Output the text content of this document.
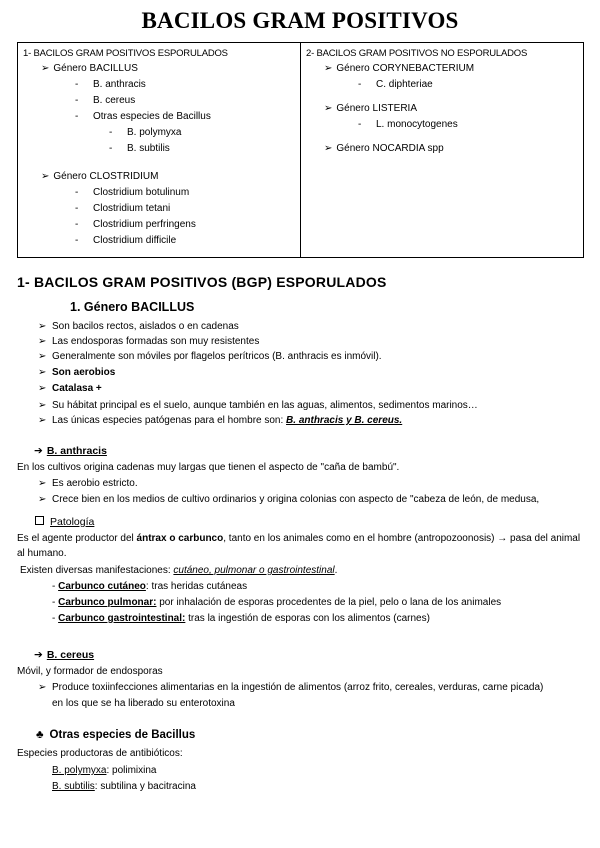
BACILOS GRAM POSITIVOS
1- BACILOS GRAM POSITIVOS ESPORULADOS
➢ Género BACILLUS
- B. anthracis
- B. cereus
- Otras especies de Bacillus
- B. polymyxa
- B. subtilis
➢ Género CLOSTRIDIUM
- Clostridium botulinum
- Clostridium tetani
- Clostridium perfringens
- Clostridium difficile

2- BACILOS GRAM POSITIVOS NO ESPORULADOS
➢ Género CORYNEBACTERIUM
- C. diphteriae
➢ Género LISTERIA
- L. monocytogenes
➢ Género NOCARDIA spp
1- BACILOS GRAM POSITIVOS (BGP) ESPORULADOS
1. Género BACILLUS
➢ Son bacilos rectos, aislados o en cadenas
➢ Las endosporas formadas son muy resistentes
➢ Generalmente son móviles por flagelos perítricos (B. anthracis es inmóvil).
➢ Son aerobios
➢ Catalasa +
➢ Su hábitat principal es el suelo, aunque también en las aguas, alimentos, sedimentos marinos…
➢ Las únicas especies patógenas para el hombre son: B. anthracis y B. cereus.
➔ B. anthracis
En los cultivos origina cadenas muy largas que tienen el aspecto de "caña de bambú".
➢ Es aerobio estricto.
➢ Crece bien en los medios de cultivo ordinarios y origina colonias con aspecto de "cabeza de león, de medusa,
Patología
Es el agente productor del ántrax o carbunco, tanto en los animales como en el hombre (antropozoonosis) → pasa del animal al humano.
Existen diversas manifestaciones: cutáneo, pulmonar o gastrointestinal.
- Carbunco cutáneo: tras heridas cutáneas
- Carbunco pulmonar: por inhalación de esporas procedentes de la piel, pelo o lana de los animales
- Carbunco gastrointestinal: tras la ingestión de esporas con los alimentos (carnes)
➔ B. cereus
Móvil, y formador de endosporas
➢ Produce toxiinfecciones alimentarias en la ingestión de alimentos (arroz frito, cereales, verduras, carne picada)
en los que se ha liberado su enterotoxina
♣ Otras especies de Bacillus
Especies productoras de antibióticos:
B. polymyxa: polimixina
B. subtilis: subtilina y bacitracina
